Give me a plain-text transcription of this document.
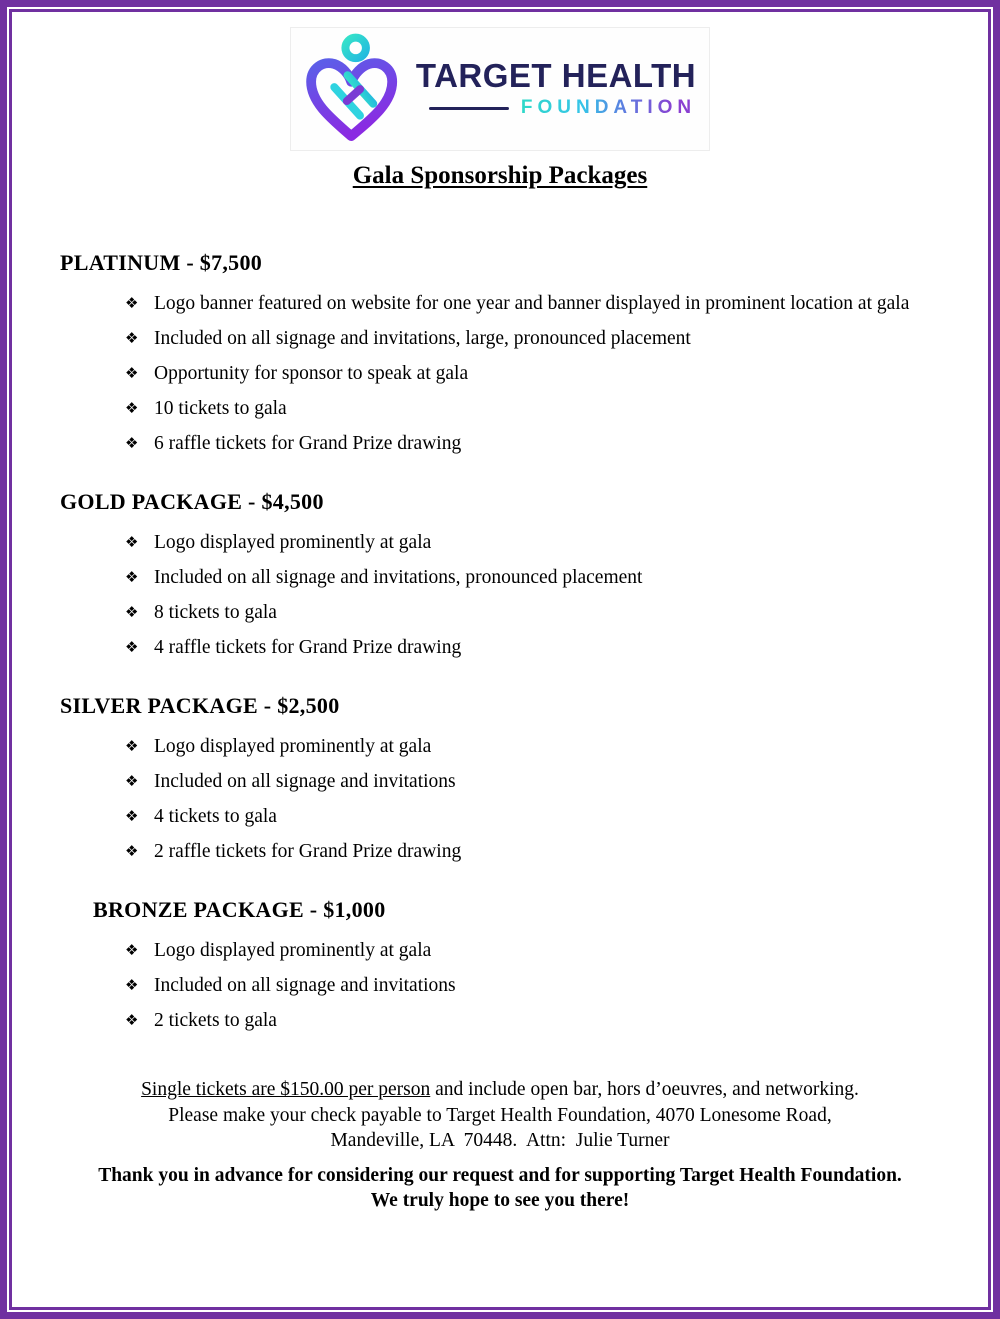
TARGET HEALTH
FOUNDATION
Gala Sponsorship Packages
PLATINUM - $7,500
❖ Logo banner featured on website for one year and banner displayed in prominent location at gala
❖ Included on all signage and invitations, large, pronounced placement
❖ Opportunity for sponsor to speak at gala
❖ 10 tickets to gala
❖ 6 raffle tickets for Grand Prize drawing
GOLD PACKAGE - $4,500
❖ Logo displayed prominently at gala
❖ Included on all signage and invitations, pronounced placement
❖ 8 tickets to gala
❖ 4 raffle tickets for Grand Prize drawing
SILVER PACKAGE - $2,500
❖ Logo displayed prominently at gala
❖ Included on all signage and invitations
❖ 4 tickets to gala
❖ 2 raffle tickets for Grand Prize drawing
BRONZE PACKAGE - $1,000
❖ Logo displayed prominently at gala
❖ Included on all signage and invitations
❖ 2 tickets to gala
Single tickets are $150.00 per person and include open bar, hors d’oeuvres, and networking.
Please make your check payable to Target Health Foundation, 4070 Lonesome Road,
Mandeville, LA  70448.  Attn:  Julie Turner
Thank you in advance for considering our request and for supporting Target Health Foundation. We truly hope to see you there!
